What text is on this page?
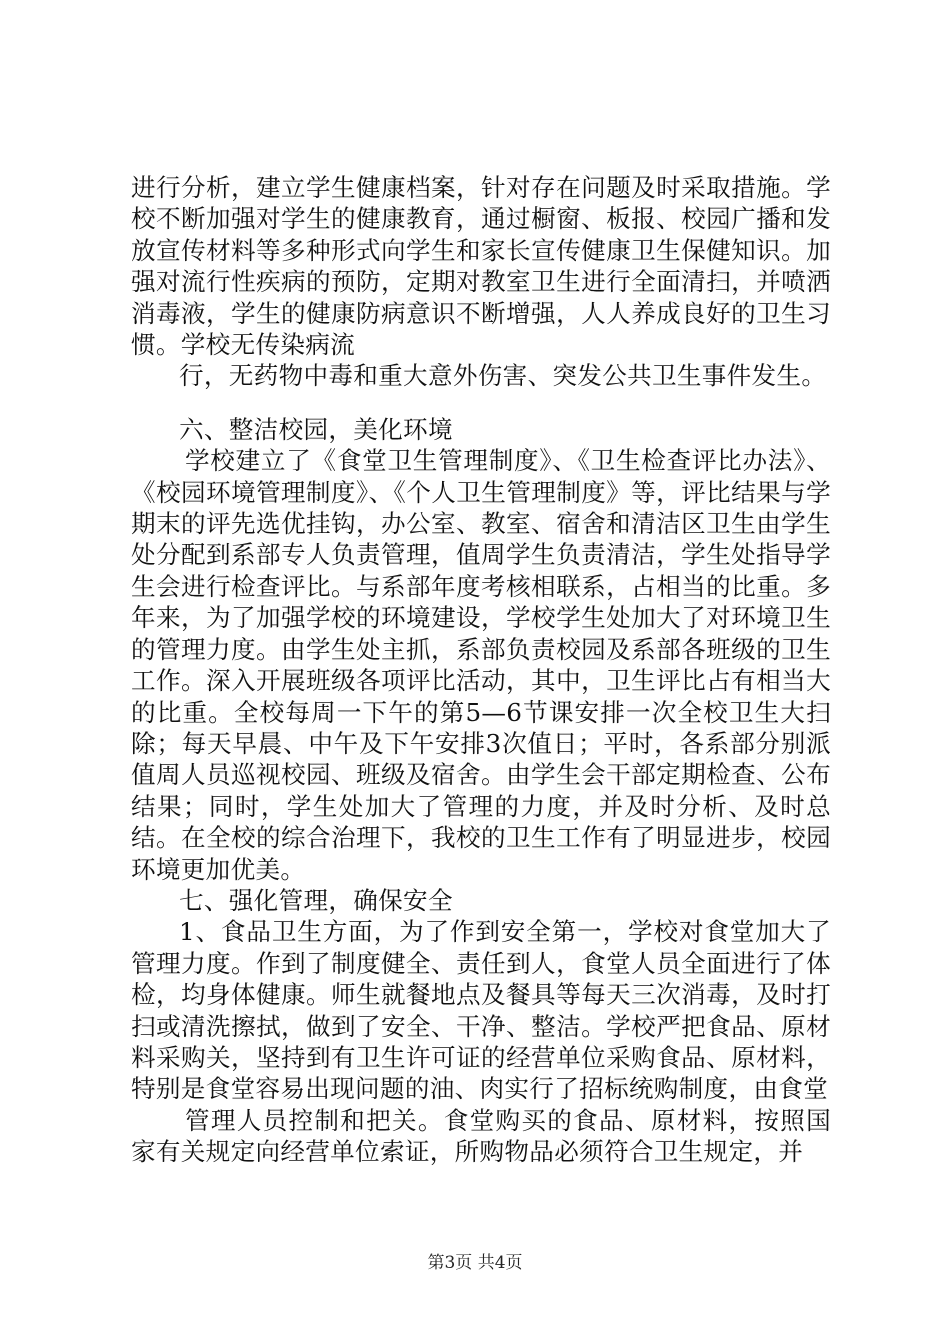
进行分析，建立学生健康档案，针对存在问题及时采取措施。学校不断加强对学生的健康教育，通过橱窗、板报、校园广播和发放宣传材料等多种形式向学生和家长宣传健康卫生保健知识。加强对流行性疾病的预防，定期对教室卫生进行全面清扫，并喷洒消毒液，学生的健康防病意识不断增强，人人养成良好的卫生习惯。学校无传染病流

行，无药物中毒和重大意外伤害、突发公共卫生事件发生。

六、整洁校园，美化环境

学校建立了《食堂卫生管理制度》、《卫生检查评比办法》、《校园环境管理制度》、《个人卫生管理制度》等，评比结果与学期末的评先选优挂钩，办公室、教室、宿舍和清洁区卫生由学生处分配到系部专人负责管理，值周学生负责清洁，学生处指导学生会进行检查评比。与系部年度考核相联系，占相当的比重。多年来，为了加强学校的环境建设，学校学生处加大了对环境卫生的管理力度。由学生处主抓，系部负责校园及系部各班级的卫生工作。深入开展班级各项评比活动，其中，卫生评比占有相当大的比重。全校每周一下午的第5—6节课安排一次全校卫生大扫除；每天早晨、中午及下午安排3次值日；平时，各系部分别派值周人员巡视校园、班级及宿舍。由学生会干部定期检查、公布结果；同时，学生处加大了管理的力度，并及时分析、及时总结。在全校的综合治理下，我校的卫生工作有了明显进步，校园环境更加优美。

七、强化管理，确保安全

1、食品卫生方面，为了作到安全第一，学校对食堂加大了管理力度。作到了制度健全、责任到人，食堂人员全面进行了体检，均身体健康。师生就餐地点及餐具等每天三次消毒，及时打扫或清洗擦拭，做到了安全、干净、整洁。学校严把食品、原材料采购关，坚持到有卫生许可证的经营单位采购食品、原材料，特别是食堂容易出现问题的油、肉实行了招标统购制度，由食堂

管理人员控制和把关。食堂购买的食品、原材料，按照国家有关规定向经营单位索证，所购物品必须符合卫生规定，并

第3页 共4页
